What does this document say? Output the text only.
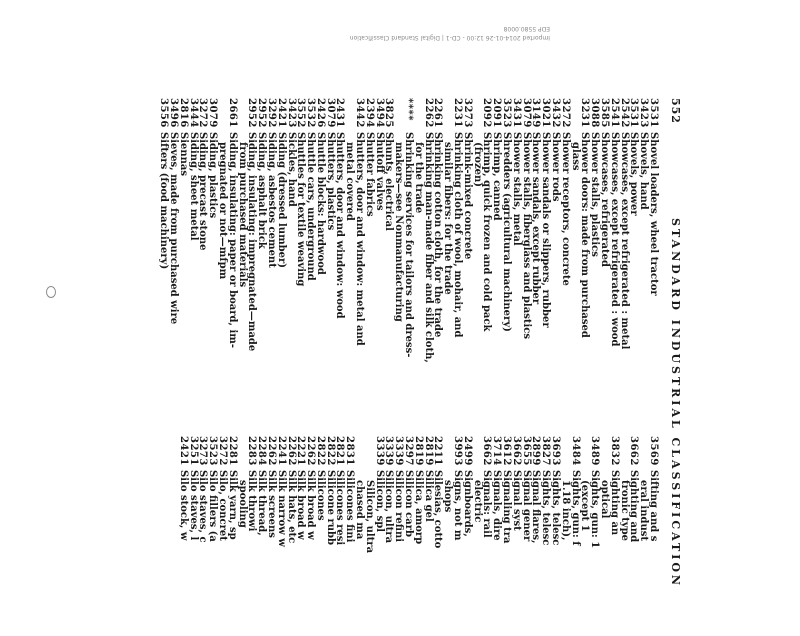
Imported 2014-01-26 12:00 - CD-1 | Digital Standard Classification
EDP 5580.0008
552
STANDARD INDUSTRIAL CLASSIFICATION
3531
Shovel loaders, wheel tractor
3423
Shovels, hand
3531
Shovels, power
2542
Showcases, except refrigerated : metal
2541
Showcases, except refrigerated : wood
3585
Showcases, refrigerated
3088
Shower stalls, plastics
3231
Shower doors: made from purchased
glass
3272
Shower receptors, concrete
3432
Shower rods
3021
Shower sandals or slippers, rubber
3149
Shower sandals, except rubber
3079
Shower stalls, fiberglass and plastics
3431
Shower stalls, metal
3523
Shredders (agricultural machinery)
2091
Shrimp, canned
2092
Shrimp, quick frozen and cold pack
(frozen)
3273
Shrink-mixed concrete
2231
Shrinking cloth of wool, mohair, and
similar fibers: for the trade
2261
Shrinking cotton cloth, for the trade
2262
Shrinking man-made fiber and silk cloth,
for the trade
****
Shrinking services for tailors and dress-
makers—see Nonmanufacturing
3825
Shunts, electrical
3494
Shutoff valves
2394
Shutter fabrics
3442
Shutters, door and window: metal and
metal covered
2431
Shutters, door and window: wood
3079
Shutters, plastics
2426
Shuttle blocks: hardwood
3532
Shuttle cars, underground
3552
Shuttles for textile weaving
3423
Sickles, hand
2421
Siding (dressed lumber)
3292
Siding, asbestos cement
2952
Siding, asphalt brick
2952
Siding, insulating: impregnated—made
from purchased materials
2661
Siding, insulating: paper or board, im-
pregnated or not—mfpm
3079
Siding, plastics
3272
Siding, precast stone
3444
Siding, sheet metal
2816
Siennas
3496
Sieves, made from purchased wire
3556
Sifters (food machinery)
3569
Sifting and s
eral indust
3662
Sighting and
tronic type
3832
Sighting an
optical
3489
Sights, gun: 1
(except 1
3484
Sights, gun: f
1.18 inch),
3693
Sights, telesc
3827
Sights, telesc
2899
Signal flares,
3655
Signal gener
3662
Signal syst
3612
Signaling tra
3714
Signals, dire
3662
Signals: rail
electric
2499
Signboards,
3993
Signs, not m
shops
2211
Silesias, cotto
2819
Silica gel
2819
Silica, amorp
3297
Silicon carb
3339
Silicon refini
3339
Silicon, ultra
3339
Silicon, spl
Silicon, ultra
chased ma
2831
Silicones fini
2821
Silicones resi
2822
Silicone rubb
2822
Silicones
2262
Silk broad w
2221
Silk broad w
2262
Silk hats, etc
2241
Silk narrow w
2262
Silk screens
2284
Silk thread,
2283
Silk throwi
spooling
2281
Silk yarn, sp
3272
Silo, concret
3523
Silo fillers (a
3273
Silo staves, c
3251
Silo staves, l
2421
Silo stock, w
